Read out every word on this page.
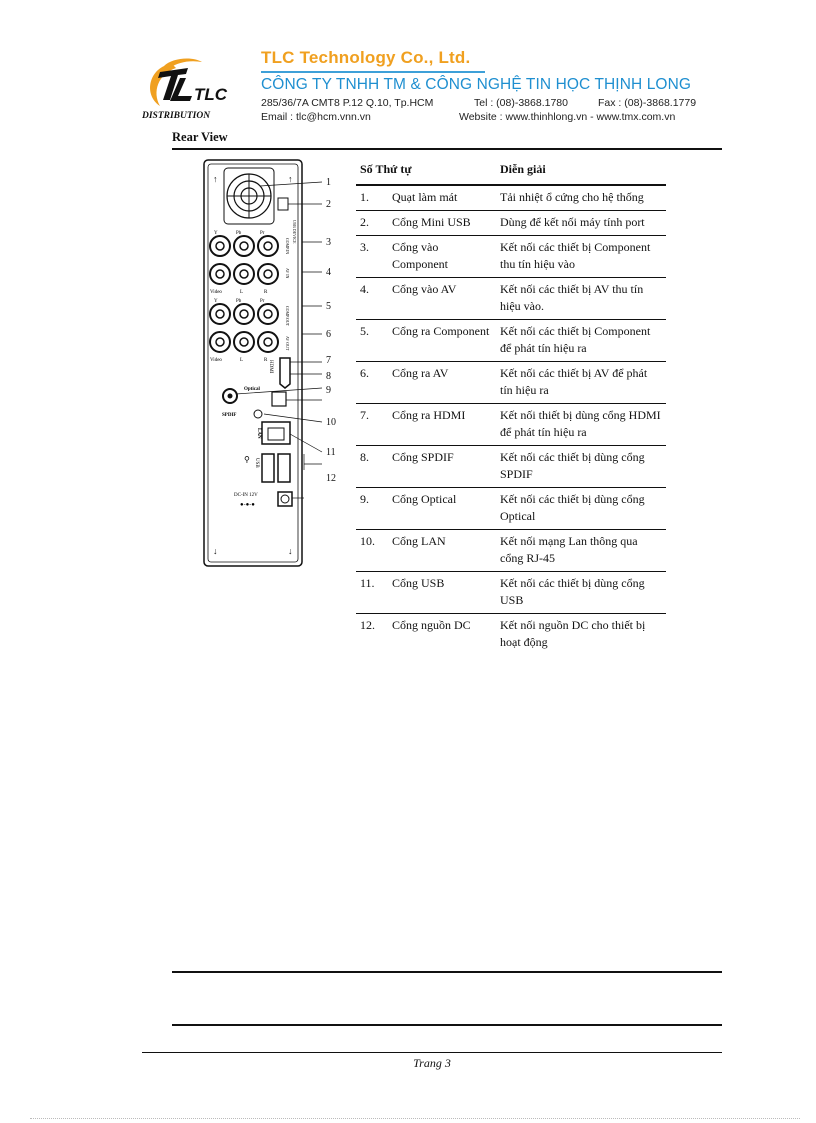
TLC
DISTRIBUTION
TLC Technology Co., Ltd.
CÔNG TY TNHH TM & CÔNG NGHỆ TIN HỌC THỊNH LONG
285/36/7A CMT8 P.12 Q.10, Tp.HCM	Tel : (08)-3868.1780	Fax : (08)-3868.1779
Email : tlc@hcm.vnn.vn	Website : www.thinhlong.vn - www.tmx.com.vn
Rear View
↑	↑
↓	↓
USB DEVICE
Y	Pb	Pr
COMP.IN
Video	L	R
AV IN
Y	Pb	Pr
COMP.OUT
Video	L	R
AV OUT
HDMI
SPDIF
Optical
LAN
⚲ USB
DC-IN 12V
●-●-●
1
2
3
4
5
6
7
8
9
10
11
12
Số Thứ tự		Diễn giải
1.	Quạt làm mát	Tải nhiệt ổ cứng cho hệ thống
2.	Cổng Mini USB	Dùng để kết nối máy tính port
3.	Cổng vào Component	Kết nối các thiết bị Component thu tín hiệu vào
4.	Cổng vào AV	Kết nối các thiết bị AV thu tín hiệu vào.
5.	Cổng ra Component	Kết nối các thiết bị Component để phát tín hiệu ra
6.	Cổng ra AV	Kết nối các thiết bị AV để phát tín hiệu ra
7.	Cổng ra HDMI	Kết nối thiết bị dùng cổng HDMI để phát tín hiệu ra
8.	Cổng SPDIF	Kết nối các thiết bị dùng cổng SPDIF
9.	Cổng Optical	Kết nối các thiết bị dùng cổng Optical
10.	Cổng LAN	Kết nối mạng Lan thông qua cổng RJ-45
11.	Cổng USB	Kết nối các thiết bị dùng cổng USB
12.	Cổng nguồn DC	Kết nối nguồn DC cho thiết bị hoạt động
Trang 3
